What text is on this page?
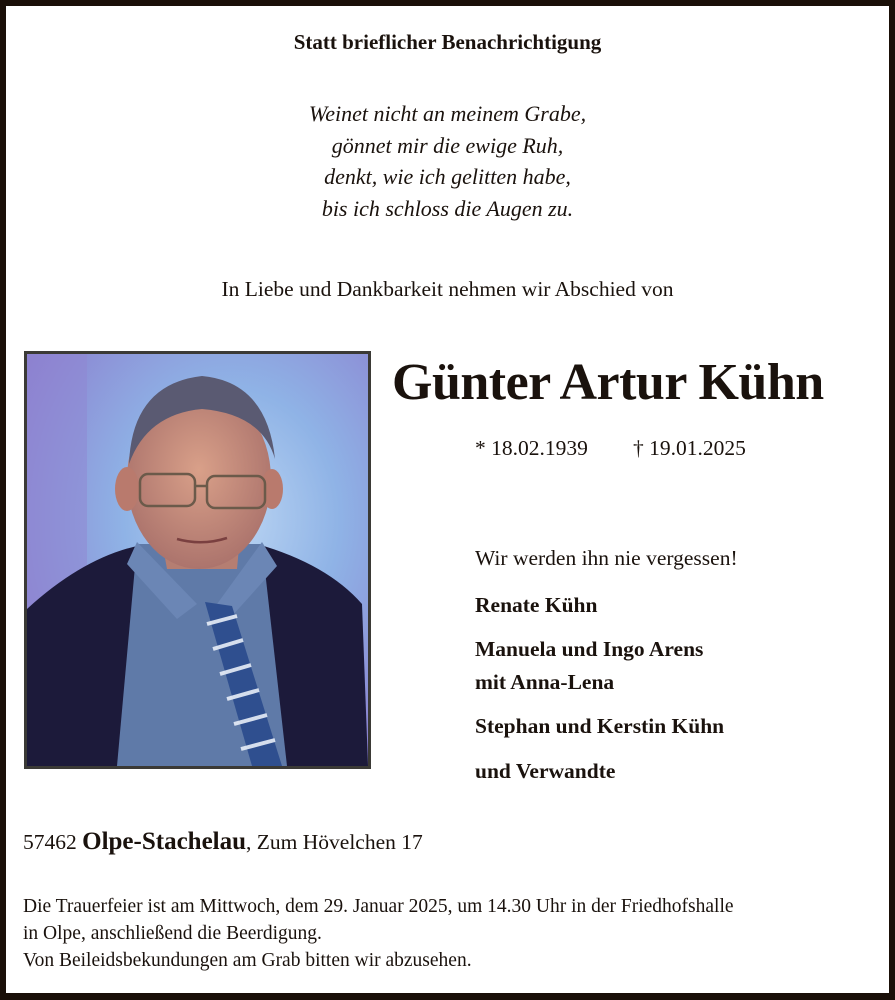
Statt brieflicher Benachrichtigung
Weinet nicht an meinem Grabe,
gönnet mir die ewige Ruh,
denkt, wie ich gelitten habe,
bis ich schloss die Augen zu.
In Liebe und Dankbarkeit nehmen wir Abschied von
Günter Artur Kühn
* 18.02.1939 † 19.01.2025
Wir werden ihn nie vergessen!
Renate Kühn
Manuela und Ingo Arens
mit Anna-Lena
Stephan und Kerstin Kühn
und Verwandte
57462 Olpe-Stachelau, Zum Hövelchen 17
Die Trauerfeier ist am Mittwoch, dem 29. Januar 2025, um 14.30 Uhr in der Friedhofshalle
in Olpe, anschließend die Beerdigung.
Von Beileidsbekundungen am Grab bitten wir abzusehen.
